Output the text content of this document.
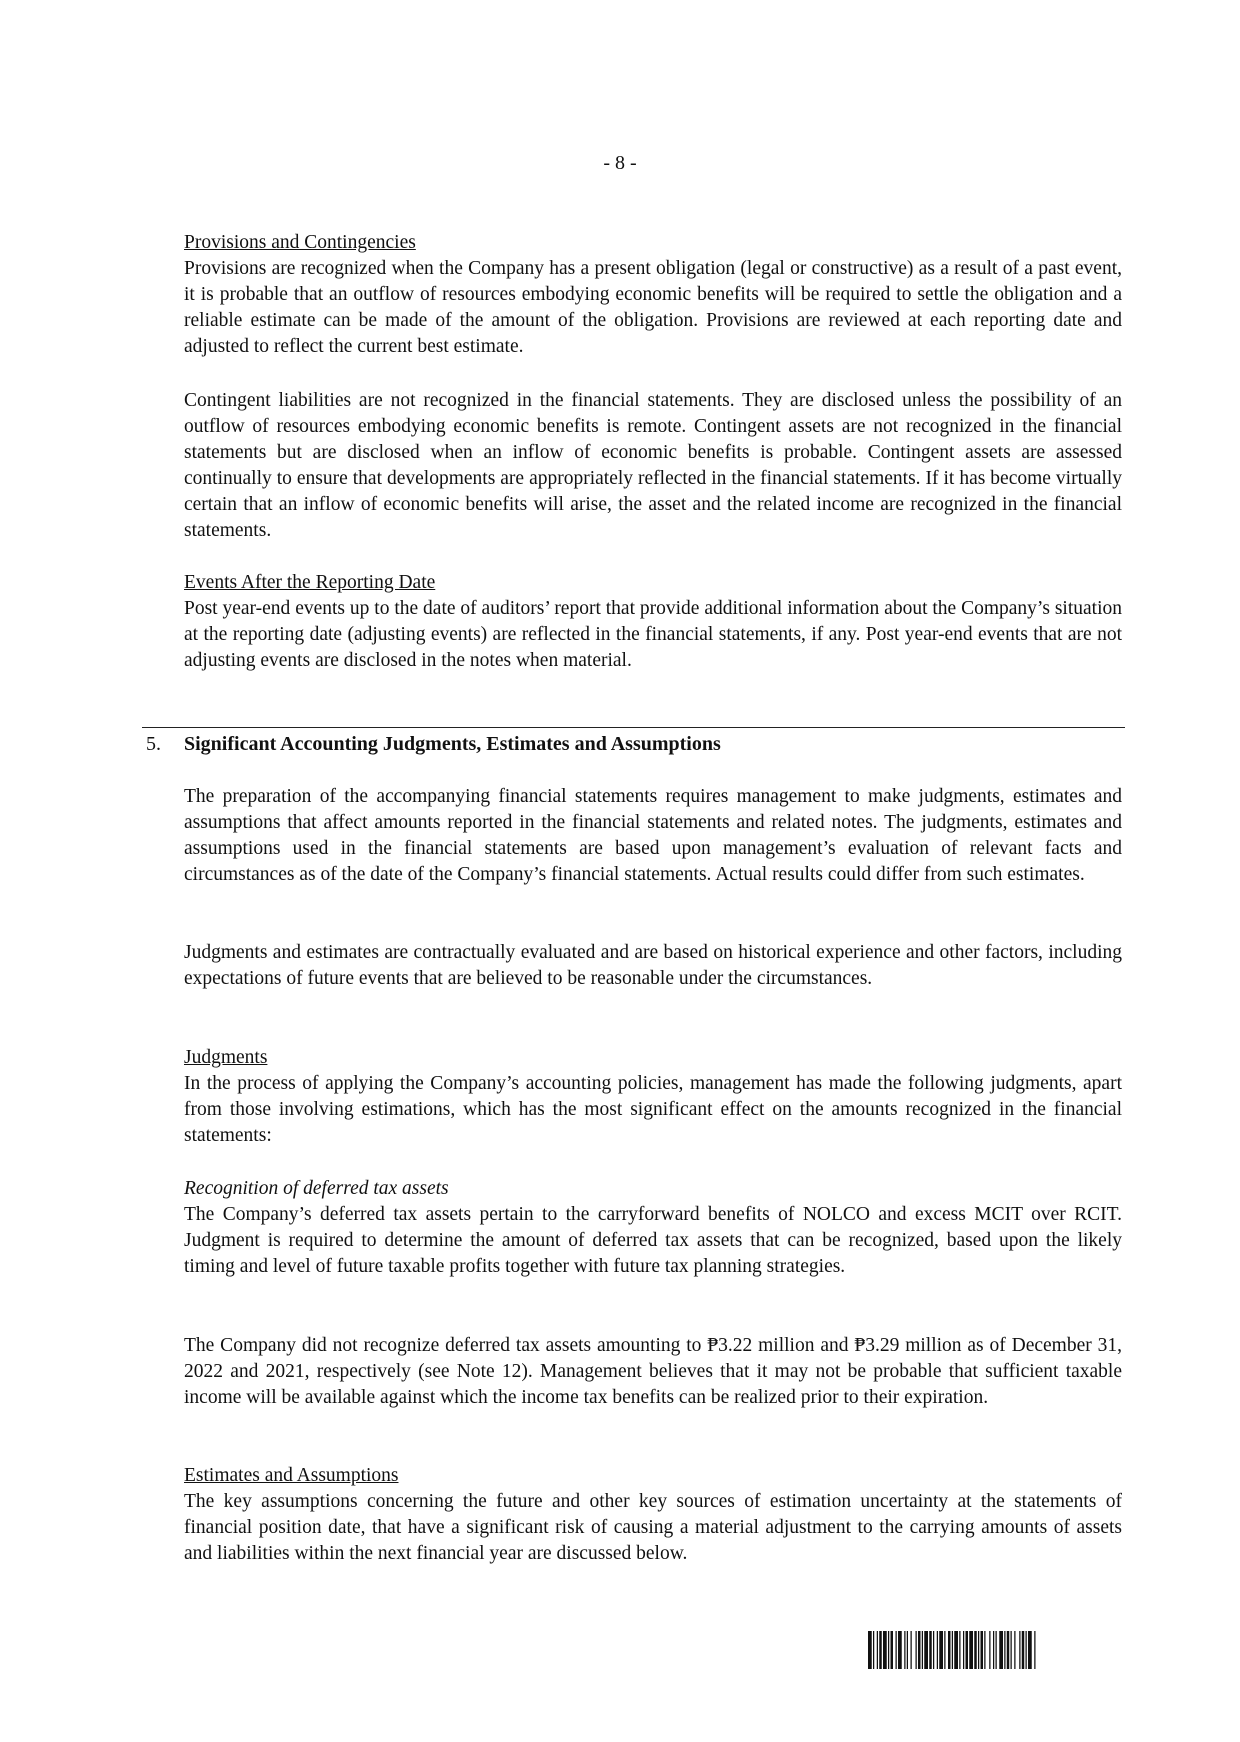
- 8 -
Provisions and Contingencies

Provisions are recognized when the Company has a present obligation (legal or constructive) as a result of a past event, it is probable that an outflow of resources embodying economic benefits will be required to settle the obligation and a reliable estimate can be made of the amount of the obligation. Provisions are reviewed at each reporting date and adjusted to reflect the current best estimate.

Contingent liabilities are not recognized in the financial statements. They are disclosed unless the possibility of an outflow of resources embodying economic benefits is remote. Contingent assets are not recognized in the financial statements but are disclosed when an inflow of economic benefits is probable. Contingent assets are assessed continually to ensure that developments are appropriately reflected in the financial statements. If it has become virtually certain that an inflow of economic benefits will arise, the asset and the related income are recognized in the financial statements.

Events After the Reporting Date

Post year-end events up to the date of auditors’ report that provide additional information about the Company’s situation at the reporting date (adjusting events) are reflected in the financial statements, if any. Post year-end events that are not adjusting events are disclosed in the notes when material.

5. Significant Accounting Judgments, Estimates and Assumptions

The preparation of the accompanying financial statements requires management to make judgments, estimates and assumptions that affect amounts reported in the financial statements and related notes. The judgments, estimates and assumptions used in the financial statements are based upon management’s evaluation of relevant facts and circumstances as of the date of the Company’s financial statements. Actual results could differ from such estimates.

Judgments and estimates are contractually evaluated and are based on historical experience and other factors, including expectations of future events that are believed to be reasonable under the circumstances.

Judgments

In the process of applying the Company’s accounting policies, management has made the following judgments, apart from those involving estimations, which has the most significant effect on the amounts recognized in the financial statements:

Recognition of deferred tax assets

The Company’s deferred tax assets pertain to the carryforward benefits of NOLCO and excess MCIT over RCIT. Judgment is required to determine the amount of deferred tax assets that can be recognized, based upon the likely timing and level of future taxable profits together with future tax planning strategies.

The Company did not recognize deferred tax assets amounting to ₱3.22 million and ₱3.29 million as of December 31, 2022 and 2021, respectively (see Note 12). Management believes that it may not be probable that sufficient taxable income will be available against which the income tax benefits can be realized prior to their expiration.

Estimates and Assumptions

The key assumptions concerning the future and other key sources of estimation uncertainty at the statements of financial position date, that have a significant risk of causing a material adjustment to the carrying amounts of assets and liabilities within the next financial year are discussed below.
